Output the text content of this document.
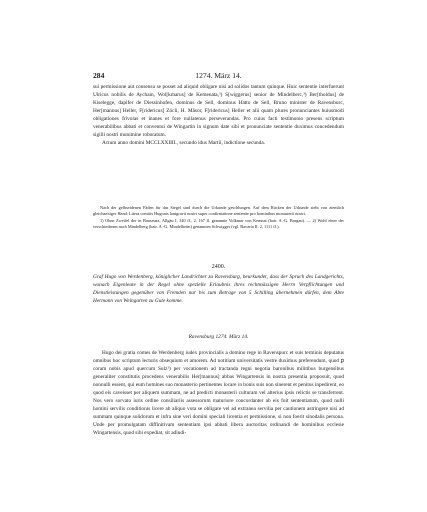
284	1274. März 14.

sui permissione aut consensu se posset ad aliquid obligare nisi ad solidos tantum quinque. Huic sententie interfuerunt Ulricus nobilis de Aychain, Wol[kmarus] de Kemenata,³) S[wiggerus] senior de Mindelberc,³) Ber[tholdus] de Kiselegge, dapifer de Diessinhofen, dominus de Sell, dominus Hatto de Sell, Bruno minister de Ravensburc, Her[mannus] Heller, F[ridericus] Zöcli, H. Mâsor, F[ridericus] Heller et alii quam plures pronunciantes huiusmodi obligationes frivolas et inanes et fore nullatenus perseverandas. Pro cuius facti testimonio presens scriptum venerabilibus abbati et conventui de Wingartin in signum date sibi et pronunciate sententie duximus concedendum sigilli nostri munimine roboratum.

Actum anno domini MCCLXXIIII., secundo idus Martii, indictione secunda.

Nach der gelbseidenen Fäden für das Siegel sind durch die Urkunde geschlungen. Auf dem Rücken der Urkunde steht von ziemlich gleichzeitiger Hand: Litera comitis Hugonis lantgravii nostri super confirmatione sententie pro hominibus monasterii nostri.

1) Ohne Zweifel der in Bauseuzz, Allgäu I, 340 fl., 2, 167 fl. genannte Volkmar von Kemnat (bair. A.-G. Burgau). — 2) Wohl einer der verschiedenen nach Mindelberg (bair. A.-G. Mindelheim) genannten Schwigger (vgl. Bavaria II. 2, 1111 ff.).

2400.

Graf Hugo von Werdenberg, königlicher Landrichter zu Ravensburg, beurkundet, dass der Spruch des Landgerichts, wonach Eigenleute in der Regel ohne spezielle Erlaubnis ihres rechtmässigen Herrn Verpflichtungen und Dienstleistungen gegenüber von Fremden nur bis zum Betrage von 5 Schilling übernehmen dürfen, dem Abte Hermann von Weingarten zu Gute komme.

Ravensburg 1274. März 14.

Hugo dei gratia comes de Werdenberg iudex provincialis a domino rege in Ravenspurc et suis terminis deputatus omnibus hoc scriptum lecturis obsequium et amorem. Ad notitiam universitatis vestre duximus preferendum, quod ꝑ coram nobis apud quercum Sulz¹) per vocationem ad tractanda regni negotia baronibus militibus burgensibus generaliter constitutis procedens venerabilis Her[mannus] abbas Wingartensis in nostra presentia proposuit, quod nonnulli essent, qui eum homines suo monasterio pertinentes locare in bonis suis non sinerent et penitus inpedirent, eo quod eis caveisset per aliquem summam, ne ad predicti monasterii culturam vel alterius ipsis relictis se transferrent. Nos vero sorvato iuris ordine consiliariis assessorum maturiore concordanter ab eis fuit sententiatum, quod nulli homini servilis conditionis licere ab aliquo vota se obligare vel ad extranea servilia per cautionem astringere nisi ad summam quinque solidorum et infra sine veri domini speciali licentia et permissione, si non foerit sinodalis persona. Unde per promulgatam diffinitivam sententiam ipsi abbati libera auctoritas ordinandi de hominibus ecclesie Wingartensis, quod sibi expediat, sit adiudi-
